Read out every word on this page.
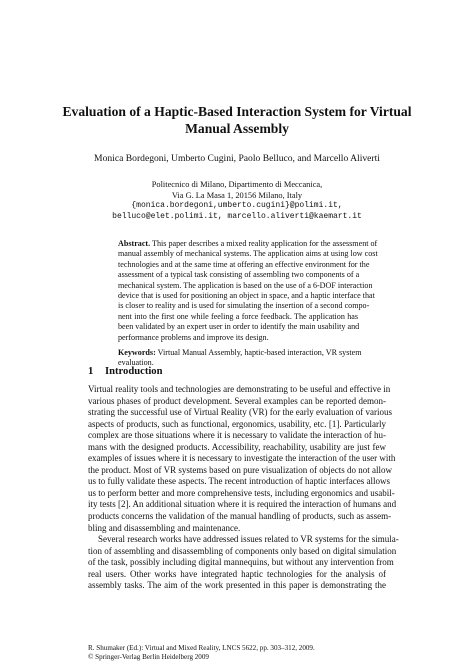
Evaluation of a Haptic-Based Interaction System for Virtual
Manual Assembly
Monica Bordegoni, Umberto Cugini, Paolo Belluco, and Marcello Aliverti
Politecnico di Milano, Dipartimento di Meccanica,
Via G. La Masa 1, 20156 Milano, Italy
{monica.bordegoni,umberto.cugini}@polimi.it,
belluco@elet.polimi.it, marcello.aliverti@kaemart.it
Abstract. This paper describes a mixed reality application for the assessment of
manual assembly of mechanical systems. The application aims at using low cost
technologies and at the same time at offering an effective environment for the
assessment of a typical task consisting of assembling two components of a
mechanical system. The application is based on the use of a 6-DOF interaction
device that is used for positioning an object in space, and a haptic interface that
is closer to reality and is used for simulating the insertion of a second compo-
nent into the first one while feeling a force feedback. The application has
been validated by an expert user in order to identify the main usability and
performance problems and improve its design.
Keywords: Virtual Manual Assembly, haptic-based interaction, VR system
evaluation.
1 Introduction
Virtual reality tools and technologies are demonstrating to be useful and effective in
various phases of product development. Several examples can be reported demon-
strating the successful use of Virtual Reality (VR) for the early evaluation of various
aspects of products, such as functional, ergonomics, usability, etc. [1]. Particularly
complex are those situations where it is necessary to validate the interaction of hu-
mans with the designed products. Accessibility, reachability, usability are just few
examples of issues where it is necessary to investigate the interaction of the user with
the product. Most of VR systems based on pure visualization of objects do not allow
us to fully validate these aspects. The recent introduction of haptic interfaces allows
us to perform better and more comprehensive tests, including ergonomics and usabil-
ity tests [2]. An additional situation where it is required the interaction of humans and
products concerns the validation of the manual handling of products, such as assem-
bling and disassembling and maintenance.
Several research works have addressed issues related to VR systems for the simula-
tion of assembling and disassembling of components only based on digital simulation
of the task, possibly including digital mannequins, but without any intervention from
real users. Other works have integrated haptic technologies for the analysis of
assembly tasks. The aim of the work presented in this paper is demonstrating the
R. Shumaker (Ed.): Virtual and Mixed Reality, LNCS 5622, pp. 303–312, 2009.
© Springer-Verlag Berlin Heidelberg 2009
